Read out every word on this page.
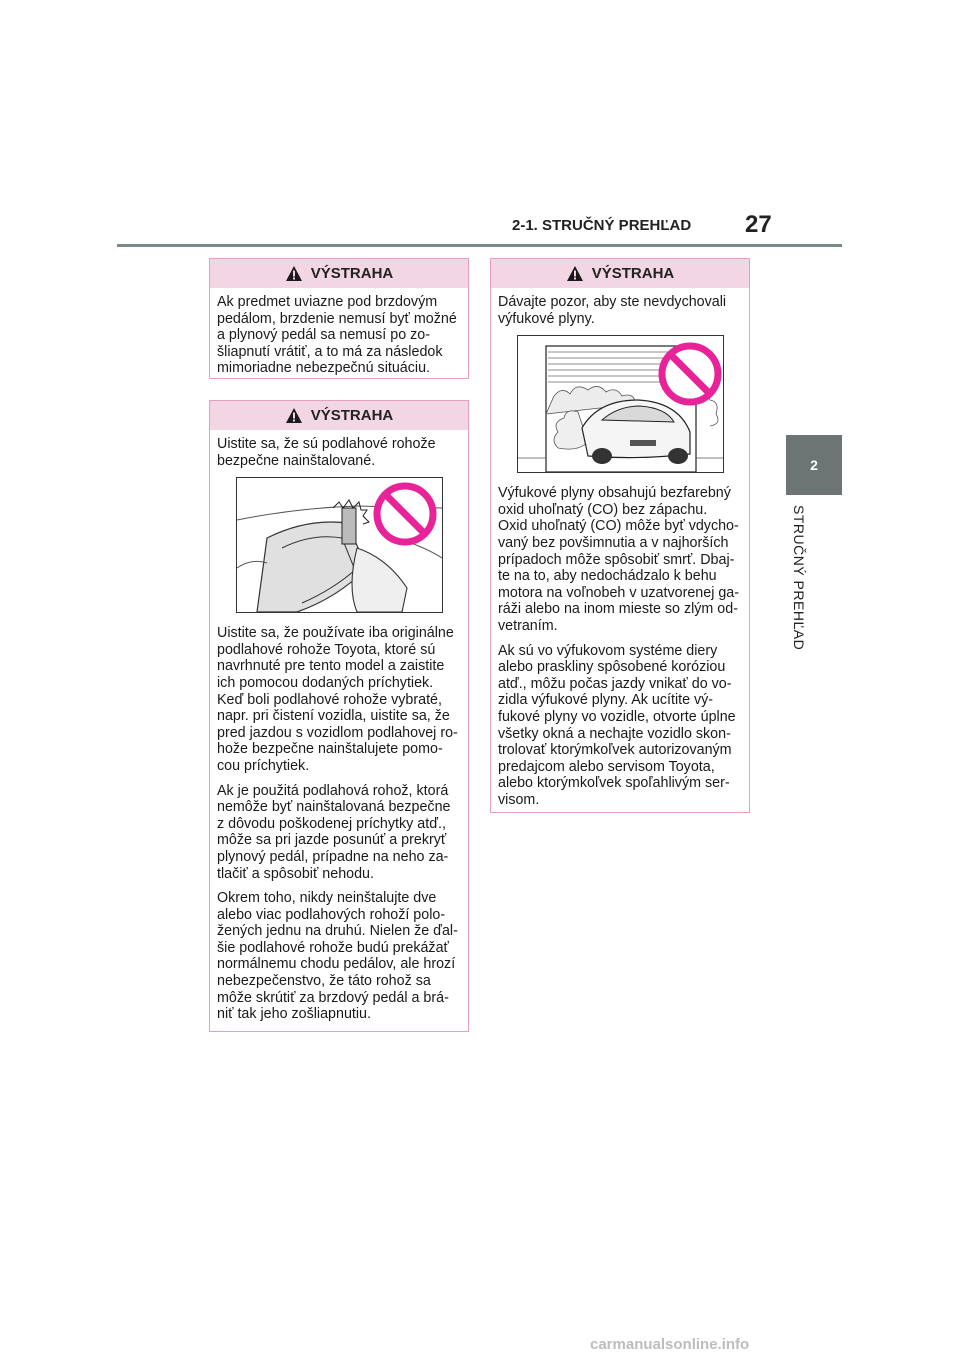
2-1. STRUČNÝ PREHĽAD 27
2
STRUČNÝ PREHĽAD
VÝSTRAHA

Ak predmet uviazne pod brzdovým
pedálom, brzdenie nemusí byť možné
a plynový pedál sa nemusí po zo-
šliapnutí vrátiť, a to má za následok
mimoriadne nebezpečnú situáciu.

VÝSTRAHA

Uistite sa, že sú podlahové rohože
bezpečne nainštalované.

Uistite sa, že používate iba originálne
podlahové rohože Toyota, ktoré sú
navrhnuté pre tento model a zaistite
ich pomocou dodaných príchytiek.
Keď boli podlahové rohože vybraté,
napr. pri čistení vozidla, uistite sa, že
pred jazdou s vozidlom podlahovej ro-
hože bezpečne nainštalujete pomo-
cou príchytiek.

Ak je použitá podlahová rohož, ktorá
nemôže byť nainštalovaná bezpečne
z dôvodu poškodenej príchytky atď.,
môže sa pri jazde posunúť a prekryť
plynový pedál, prípadne na neho za-
tlačiť a spôsobiť nehodu.

Okrem toho, nikdy neinštalujte dve
alebo viac podlahových rohoží polo-
žených jednu na druhú. Nielen že ďal-
šie podlahové rohože budú prekážať
normálnemu chodu pedálov, ale hrozí
nebezpečenstvo, že táto rohož sa
môže skrútiť za brzdový pedál a brá-
niť tak jeho zošliapnutiu.

VÝSTRAHA

Dávajte pozor, aby ste nevdychovali
výfukové plyny.

Výfukové plyny obsahujú bezfarebný
oxid uhoľnatý (CO) bez zápachu.
Oxid uhoľnatý (CO) môže byť vdycho-
vaný bez povšimnutia a v najhorších
prípadoch môže spôsobiť smrť. Dbaj-
te na to, aby nedochádzalo k behu
motora na voľnobeh v uzatvorenej ga-
ráži alebo na inom mieste so zlým od-
vetraním.

Ak sú vo výfukovom systéme diery
alebo praskliny spôsobené koróziou
atď., môžu počas jazdy vnikať do vo-
zidla výfukové plyny. Ak ucítite vý-
fukové plyny vo vozidle, otvorte úplne
všetky okná a nechajte vozidlo skon-
trolovať ktorýmkoľvek autorizovaným
predajcom alebo servisom Toyota,
alebo ktorýmkoľvek spoľahlivým ser-
visom.

carmanualsonline.info
